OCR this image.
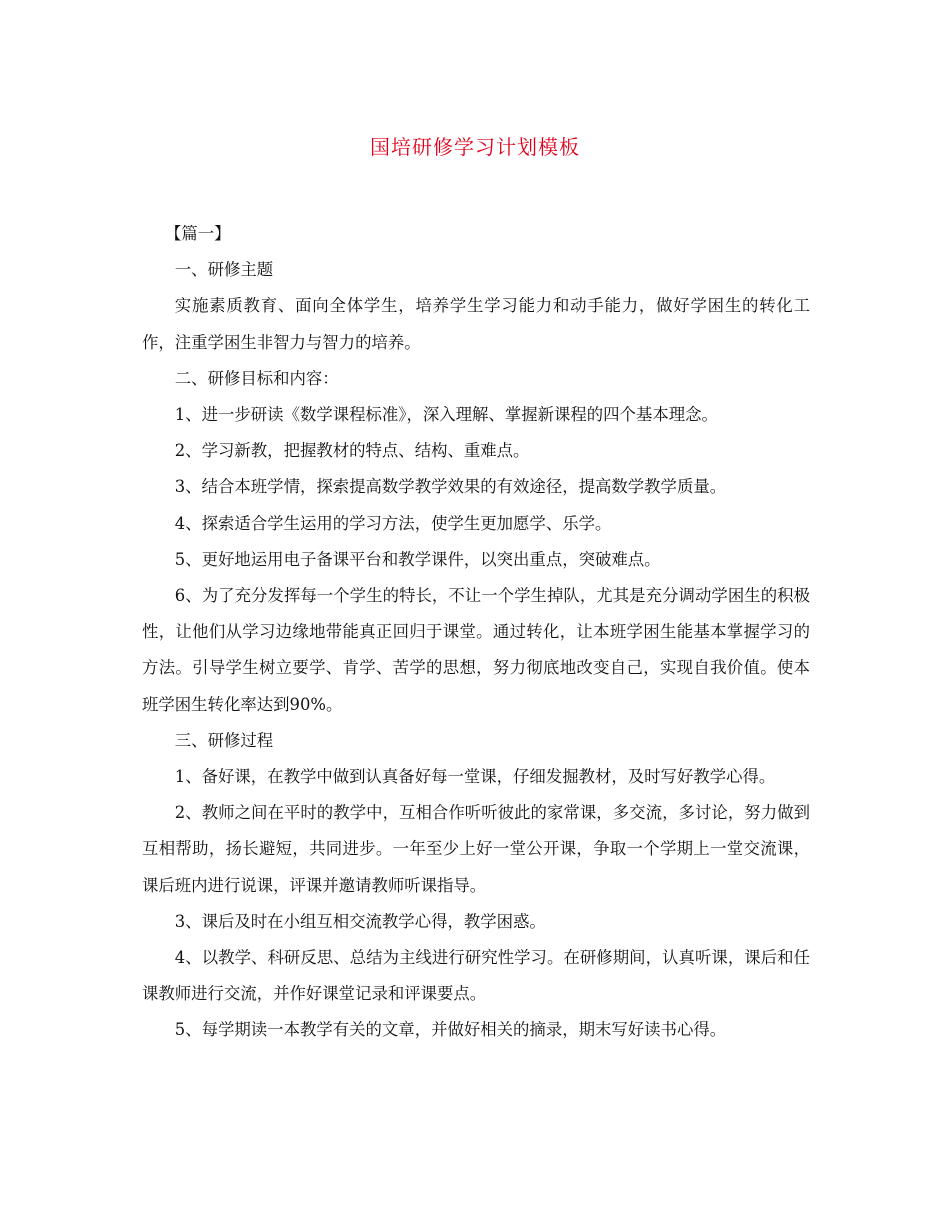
国培研修学习计划模板

【篇一】

一、研修主题

实施素质教育、面向全体学生，培养学生学习能力和动手能力，做好学困生的转化工作，注重学困生非智力与智力的培养。

二、研修目标和内容：

1、进一步研读《数学课程标准》，深入理解、掌握新课程的四个基本理念。

2、学习新教，把握教材的特点、结构、重难点。

3、结合本班学情，探索提高数学教学效果的有效途径，提高数学教学质量。

4、探索适合学生运用的学习方法，使学生更加愿学、乐学。

5、更好地运用电子备课平台和教学课件，以突出重点，突破难点。

6、为了充分发挥每一个学生的特长，不让一个学生掉队，尤其是充分调动学困生的积极性，让他们从学习边缘地带能真正回归于课堂。通过转化，让本班学困生能基本掌握学习的方法。引导学生树立要学、肯学、苦学的思想，努力彻底地改变自己，实现自我价值。使本班学困生转化率达到90%。

三、研修过程

1、备好课，在教学中做到认真备好每一堂课，仔细发掘教材，及时写好教学心得。

2、教师之间在平时的教学中，互相合作听听彼此的家常课，多交流，多讨论，努力做到互相帮助，扬长避短，共同进步。一年至少上好一堂公开课，争取一个学期上一堂交流课，课后班内进行说课，评课并邀请教师听课指导。

3、课后及时在小组互相交流教学心得，教学困惑。

4、以教学、科研反思、总结为主线进行研究性学习。在研修期间，认真听课，课后和任课教师进行交流，并作好课堂记录和评课要点。

5、每学期读一本教学有关的文章，并做好相关的摘录，期末写好读书心得。
